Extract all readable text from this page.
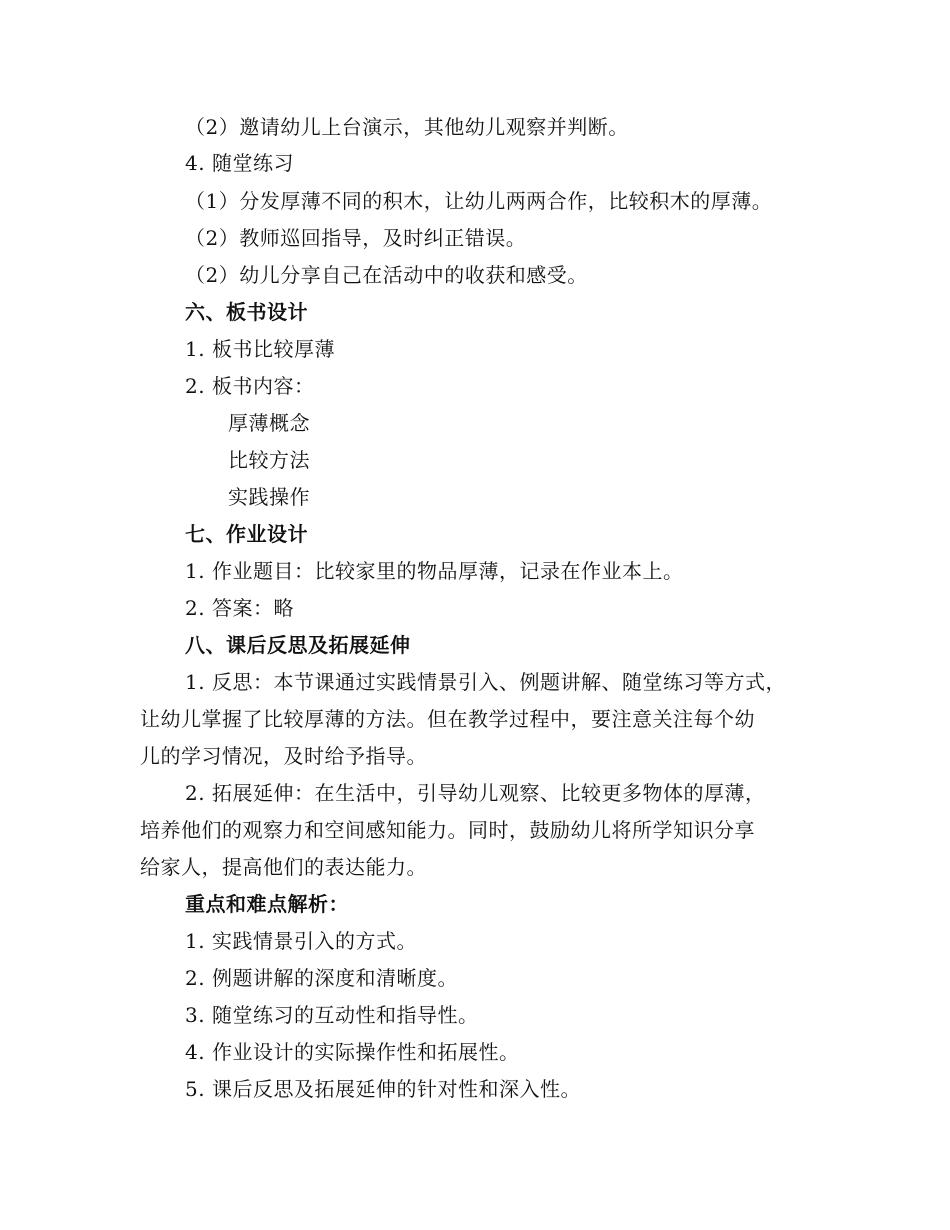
（2）邀请幼儿上台演示，其他幼儿观察并判断。
4. 随堂练习
（1）分发厚薄不同的积木，让幼儿两两合作，比较积木的厚薄。
（2）教师巡回指导，及时纠正错误。
（2）幼儿分享自己在活动中的收获和感受。
六、板书设计
1. 板书比较厚薄
2. 板书内容：
厚薄概念
比较方法
实践操作
七、作业设计
1. 作业题目：比较家里的物品厚薄，记录在作业本上。
2. 答案：略
八、课后反思及拓展延伸
1. 反思：本节课通过实践情景引入、例题讲解、随堂练习等方式，
让幼儿掌握了比较厚薄的方法。但在教学过程中，要注意关注每个幼
儿的学习情况，及时给予指导。
2. 拓展延伸：在生活中，引导幼儿观察、比较更多物体的厚薄，
培养他们的观察力和空间感知能力。同时，鼓励幼儿将所学知识分享
给家人，提高他们的表达能力。
重点和难点解析：
1. 实践情景引入的方式。
2. 例题讲解的深度和清晰度。
3. 随堂练习的互动性和指导性。
4. 作业设计的实际操作性和拓展性。
5. 课后反思及拓展延伸的针对性和深入性。
